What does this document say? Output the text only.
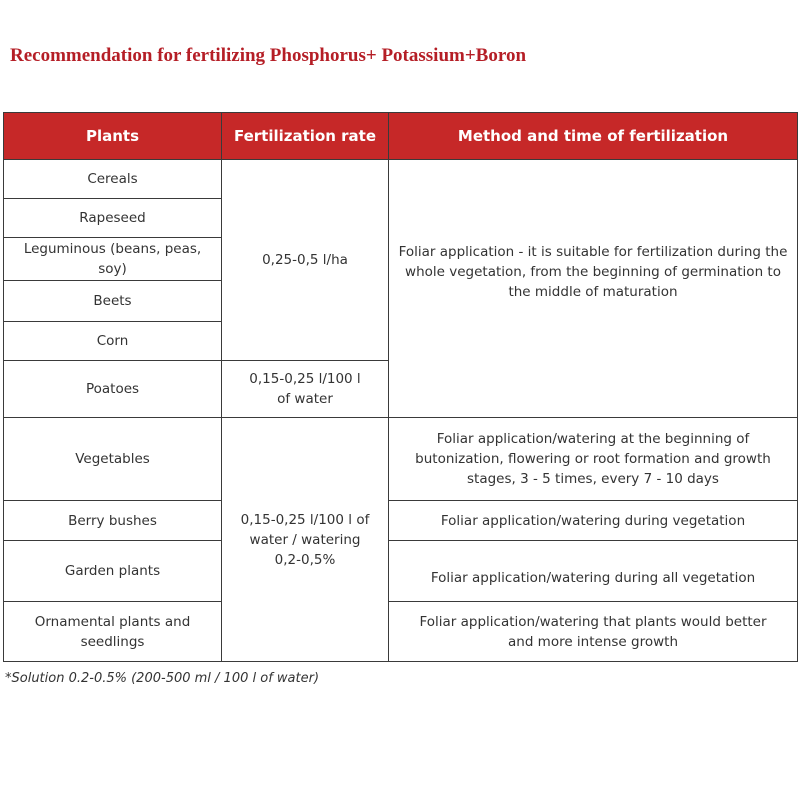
Recommendation for fertilizing Phosphorus+ Potassium+Boron
Plants	Fertilization rate	Method and time of fertilization
Cereals	0,25-0,5 l/ha	Foliar application - it is suitable for fertilization during the whole vegetation, from the beginning of germination to the middle of maturation
Rapeseed		
Leguminous (beans, peas, soy)		
Beets		
Corn		
Poatoes	0,15-0,25 l/100 l of water	
Vegetables	0,15-0,25 l/100 l of water / watering 0,2-0,5%	Foliar application/watering at the beginning of butonization, flowering or root formation and growth stages, 3 - 5 times, every 7 - 10 days
Berry bushes		Foliar application/watering during vegetation
Garden plants		Foliar application/watering during all vegetation
Ornamental plants and seedlings		Foliar application/watering that plants would better and more intense growth
*Solution 0.2-0.5% (200-500 ml / 100 l of water)
